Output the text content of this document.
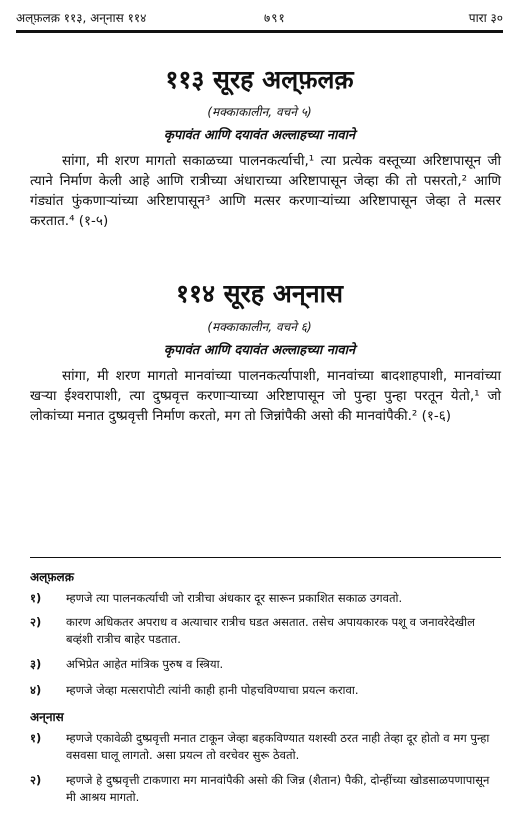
अल्‌फ़लक़ ११३, अन्‌नास ११४	७९१	पारा ३०
११३ सूरह अल्‌फ़लक़
(मक्काकालीन, वचने ५)
कृपावंत आणि दयावंत अल्लाहच्या नावाने
सांगा, मी शरण मागतो सकाळच्या पालनकर्त्याची,¹ त्या प्रत्येक वस्तूच्या अरिष्टापासून जी त्याने निर्माण केली आहे आणि रात्रीच्या अंधाराच्या अरिष्टापासून जेव्हा की तो पसरतो,² आणि गंड्यांत फुंकणाऱ्यांच्या अरिष्टापासून³ आणि मत्सर करणाऱ्यांच्या अरिष्टापासून जेव्हा ते मत्सर करतात.⁴ (१-५)
११४ सूरह अन्‌नास
(मक्काकालीन, वचने ६)
कृपावंत आणि दयावंत अल्लाहच्या नावाने
सांगा, मी शरण मागतो मानवांच्या पालनकर्त्यापाशी, मानवांच्या बादशाहपाशी, मानवांच्या खऱ्या ईश्वरापाशी, त्या दुष्प्रवृत्त करणाऱ्याच्या अरिष्टापासून जो पुन्हा पुन्हा परतून येतो,¹ जो लोकांच्या मनात दुष्प्रवृत्ती निर्माण करतो, मग तो जिन्नांपैकी असो की मानवांपैकी.² (१-६)
अल्‌फ़लक़
१) म्हणजे त्या पालनकर्त्याची जो रात्रीचा अंधकार दूर सारून प्रकाशित सकाळ उगवतो.
२) कारण अधिकतर अपराध व अत्याचार रात्रीच घडत असतात. तसेच अपायकारक पशू व जनावरेदेखील बव्हंशी रात्रीच बाहेर पडतात.
३) अभिप्रेत आहेत मांत्रिक पुरुष व स्त्रिया.
४) म्हणजे जेव्हा मत्सरापोटी त्यांनी काही हानी पोहचविण्याचा प्रयत्न करावा.
अन्‌नास
१) म्हणजे एकावेळी दुष्प्रवृत्ती मनात टाकून जेव्हा बहकविण्यात यशस्वी ठरत नाही तेव्हा दूर होतो व मग पुन्हा वसवसा घालू लागतो. असा प्रयत्न तो वरचेवर सुरू ठेवतो.
२) म्हणजे हे दुष्प्रवृत्ती टाकणारा मग मानवांपैकी असो की जिन्न (शैतान) पैकी, दोन्हींच्या खोडसाळपणापासून मी आश्रय मागतो.
